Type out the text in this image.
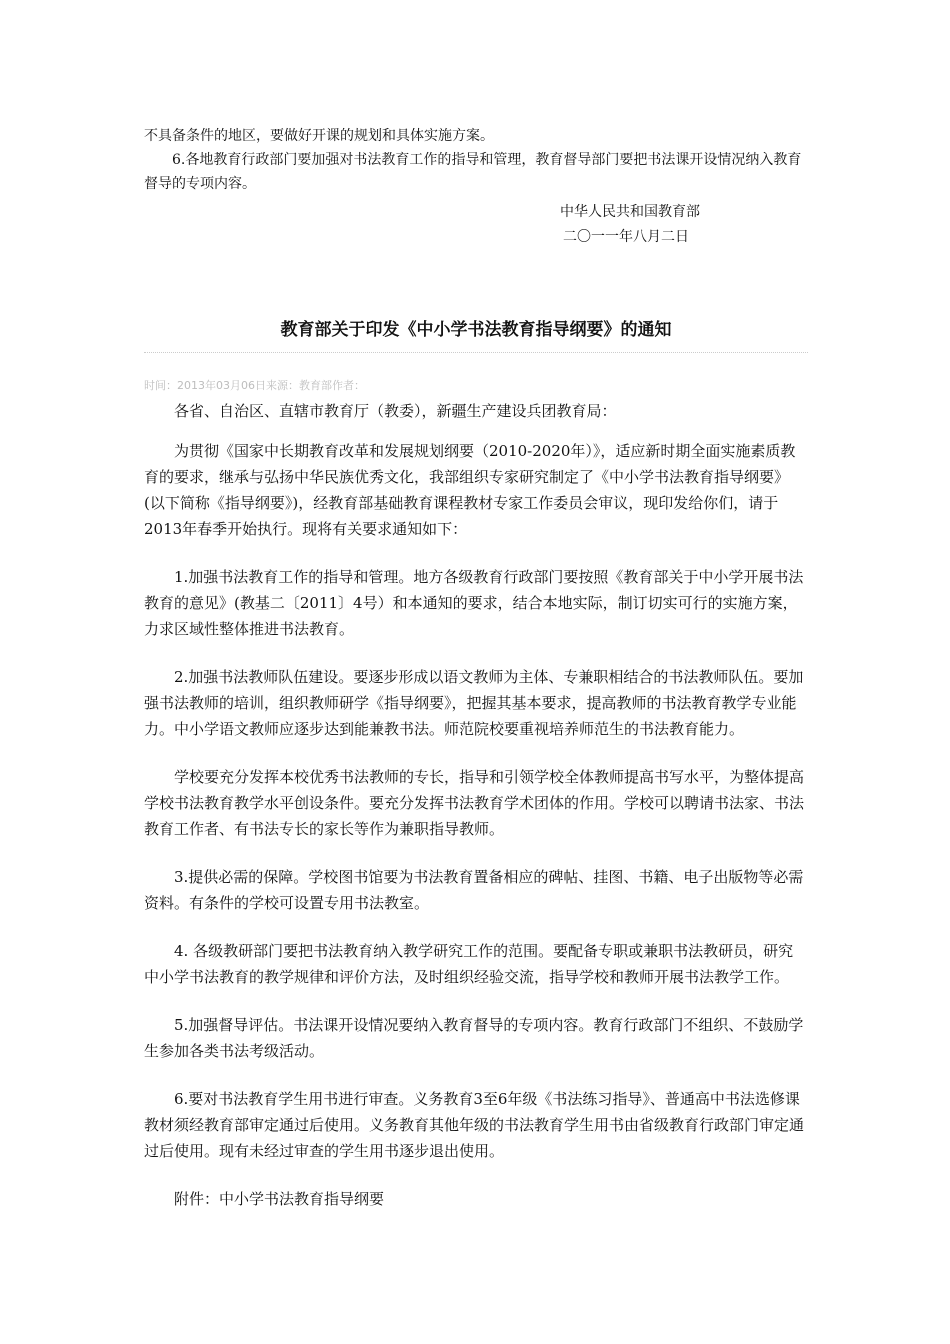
不具备条件的地区，要做好开课的规划和具体实施方案。

6.各地教育行政部门要加强对书法教育工作的指导和管理，教育督导部门要把书法课开设情况纳入教育督导的专项内容。

中华人民共和国教育部
二〇一一年八月二日
教育部关于印发《中小学书法教育指导纲要》的通知
时间：2013年03月06日来源：教育部作者：

各省、自治区、直辖市教育厅（教委），新疆生产建设兵团教育局：

为贯彻《国家中长期教育改革和发展规划纲要（2010-2020年）》，适应新时期全面实施素质教育的要求，继承与弘扬中华民族优秀文化，我部组织专家研究制定了《中小学书法教育指导纲要》(以下简称《指导纲要》)，经教育部基础教育课程教材专家工作委员会审议，现印发给你们，请于2013年春季开始执行。现将有关要求通知如下：

1.加强书法教育工作的指导和管理。地方各级教育行政部门要按照《教育部关于中小学开展书法教育的意见》(教基二〔2011〕4号）和本通知的要求，结合本地实际，制订切实可行的实施方案，力求区域性整体推进书法教育。

2.加强书法教师队伍建设。要逐步形成以语文教师为主体、专兼职相结合的书法教师队伍。要加强书法教师的培训，组织教师研学《指导纲要》，把握其基本要求，提高教师的书法教育教学专业能力。中小学语文教师应逐步达到能兼教书法。师范院校要重视培养师范生的书法教育能力。

学校要充分发挥本校优秀书法教师的专长，指导和引领学校全体教师提高书写水平，为整体提高学校书法教育教学水平创设条件。要充分发挥书法教育学术团体的作用。学校可以聘请书法家、书法教育工作者、有书法专长的家长等作为兼职指导教师。

3.提供必需的保障。学校图书馆要为书法教育置备相应的碑帖、挂图、书籍、电子出版物等必需资料。有条件的学校可设置专用书法教室。

4. 各级教研部门要把书法教育纳入教学研究工作的范围。要配备专职或兼职书法教研员，研究中小学书法教育的教学规律和评价方法，及时组织经验交流，指导学校和教师开展书法教学工作。

5.加强督导评估。书法课开设情况要纳入教育督导的专项内容。教育行政部门不组织、不鼓励学生参加各类书法考级活动。

6.要对书法教育学生用书进行审查。义务教育3至6年级《书法练习指导》、普通高中书法选修课教材须经教育部审定通过后使用。义务教育其他年级的书法教育学生用书由省级教育行政部门审定通过后使用。现有未经过审查的学生用书逐步退出使用。

附件：中小学书法教育指导纲要
